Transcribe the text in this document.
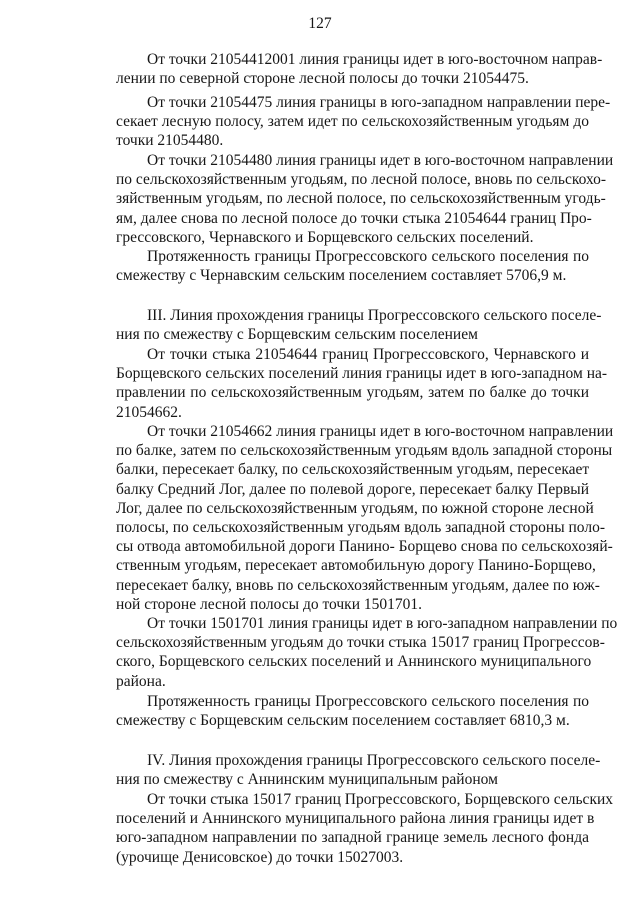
127
От точки 21054412001 линия границы идет в юго-восточном направ-
лении по северной стороне лесной полосы до точки 21054475.
От точки 21054475 линия границы в юго-западном направлении пере-
секает лесную полосу, затем идет по сельскохозяйственным угодьям до
точки 21054480.
От точки 21054480 линия границы идет в юго-восточном направлении
по сельскохозяйственным угодьям, по лесной полосе, вновь по сельскохо-
зяйственным угодьям, по лесной полосе, по сельскохозяйственным угодь-
ям, далее снова по лесной полосе до точки стыка 21054644 границ Про-
грессовского, Чернавского и Борщевского сельских поселений.
Протяженность границы Прогрессовского сельского поселения по
смежеству с Чернавским сельским поселением составляет 5706,9 м.
III. Линия прохождения границы Прогрессовского сельского поселе-
ния по смежеству с Борщевским сельским поселением
От точки стыка 21054644 границ Прогрессовского, Чернавского и
Борщевского сельских поселений линия границы идет в юго-западном на-
правлении по сельскохозяйственным угодьям, затем по балке до точки
21054662.
От точки 21054662 линия границы идет в юго-восточном направлении
по балке, затем по сельскохозяйственным угодьям вдоль западной стороны
балки, пересекает балку, по сельскохозяйственным угодьям, пересекает
балку Средний Лог, далее по полевой дороге, пересекает балку Первый
Лог, далее по сельскохозяйственным угодьям, по южной стороне лесной
полосы, по сельскохозяйственным угодьям вдоль западной стороны поло-
сы отвода автомобильной дороги Панино- Борщево снова по сельскохозяй-
ственным угодьям, пересекает автомобильную дорогу Панино-Борщево,
пересекает балку, вновь по сельскохозяйственным угодьям, далее по юж-
ной стороне лесной полосы до точки 1501701.
От точки 1501701 линия границы идет в юго-западном направлении по
сельскохозяйственным угодьям до точки стыка 15017 границ Прогрессов-
ского, Борщевского сельских поселений и Аннинского муниципального
района.
Протяженность границы Прогрессовского сельского поселения по
смежеству с Борщевским сельским поселением составляет 6810,3 м.
IV. Линия прохождения границы Прогрессовского сельского поселе-
ния по смежеству с Аннинским муниципальным районом
От точки стыка 15017 границ Прогрессовского, Борщевского сельских
поселений и Аннинского муниципального района линия границы идет в
юго-западном направлении по западной границе земель лесного фонда
(урочище Денисовское) до точки 15027003.
